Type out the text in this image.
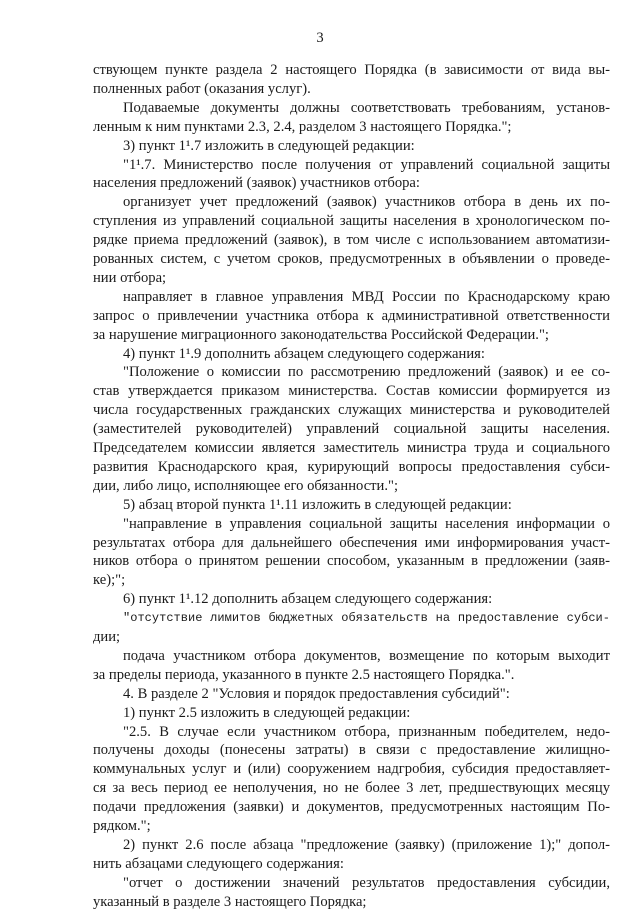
3
ствующем пункте раздела 2 настоящего Порядка (в зависимости от вида вы-
полненных работ (оказания услуг).
Подаваемые документы должны соответствовать требованиям, установ-
ленным к ним пунктами 2.3, 2.4, разделом 3 настоящего Порядка.";
3) пункт 1¹.7 изложить в следующей редакции:
"1¹.7. Министерство после получения от управлений социальной защиты
населения предложений (заявок) участников отбора:
организует учет предложений (заявок) участников отбора в день их по-
ступления из управлений социальной защиты населения в хронологическом по-
рядке приема предложений (заявок), в том числе с использованием автоматизи-
рованных систем, с учетом сроков, предусмотренных в объявлении о проведе-
нии отбора;
направляет в главное управления МВД России по Краснодарскому краю
запрос о привлечении участника отбора к административной ответственности
за нарушение миграционного законодательства Российской Федерации.";
4) пункт 1¹.9 дополнить абзацем следующего содержания:
"Положение о комиссии по рассмотрению предложений (заявок) и ее со-
став утверждается приказом министерства. Состав комиссии формируется из
числа государственных гражданских служащих министерства и руководителей
(заместителей руководителей) управлений социальной защиты населения.
Председателем комиссии является заместитель министра труда и социального
развития Краснодарского края, курирующий вопросы предоставления субси-
дии, либо лицо, исполняющее его обязанности.";
5) абзац второй пункта 1¹.11 изложить в следующей редакции:
"направление в управления социальной защиты населения информации о
результатах отбора для дальнейшего обеспечения ими информирования участ-
ников отбора о принятом решении способом, указанным в предложении (заяв-
ке);";
6) пункт 1¹.12 дополнить абзацем следующего содержания:
"отсутствие лимитов бюджетных обязательств на предоставление субси-
дии;
подача участником отбора документов, возмещение по которым выходит
за пределы периода, указанного в пункте 2.5 настоящего Порядка.".
4. В разделе 2 "Условия и порядок предоставления субсидий":
1) пункт 2.5 изложить в следующей редакции:
"2.5. В случае если участником отбора, признанным победителем, недо-
получены доходы (понесены затраты) в связи с предоставление жилищно-
коммунальных услуг и (или) сооружением надгробия, субсидия предоставляет-
ся за весь период ее неполучения, но не более 3 лет, предшествующих месяцу
подачи предложения (заявки) и документов, предусмотренных настоящим По-
рядком.";
2) пункт 2.6 после абзаца "предложение (заявку) (приложение 1);" допол-
нить абзацами следующего содержания:
"отчет о достижении значений результатов предоставления субсидии,
указанный в разделе 3 настоящего Порядка;
